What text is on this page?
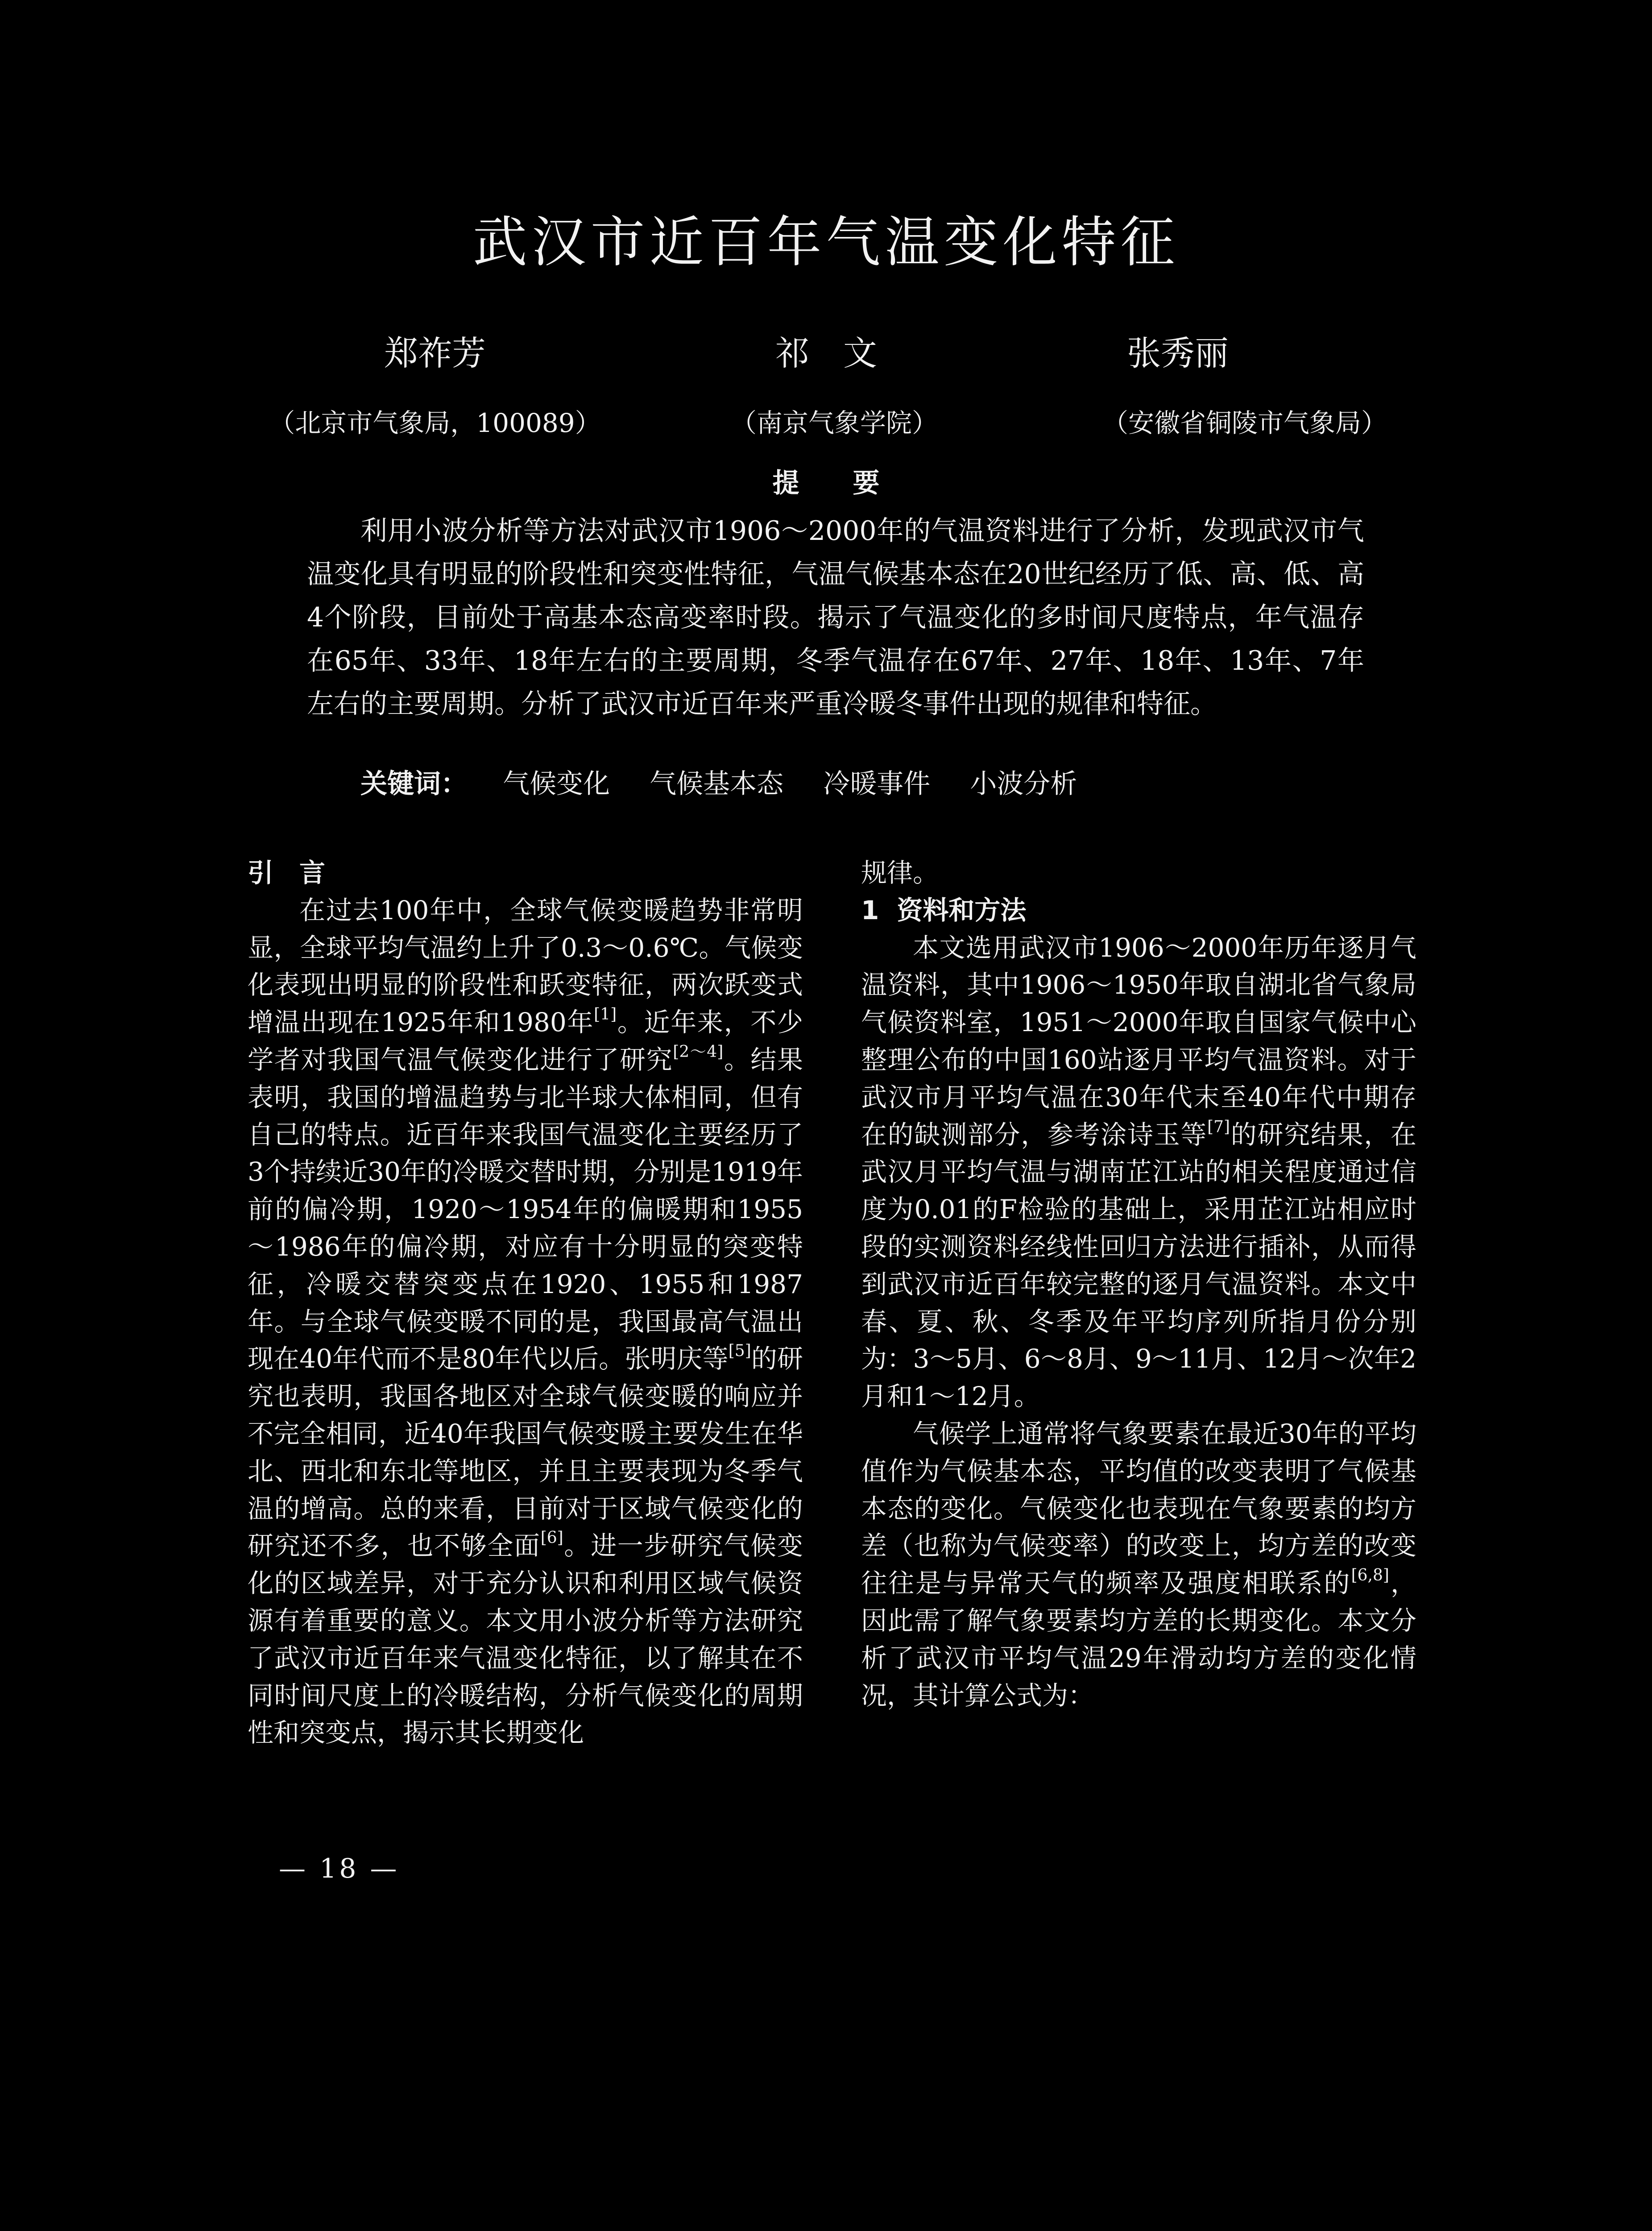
武汉市近百年气温变化特征
郑祚芳	祁　文	张秀丽
（北京市气象局，100089）	（南京气象学院）	（安徽省铜陵市气象局）
提要
利用小波分析等方法对武汉市1906～2000年的气温资料进行了分析，发现武汉市气温变化具有明显的阶段性和突变性特征，气温气候基本态在20世纪经历了低、高、低、高4个阶段，目前处于高基本态高变率时段。揭示了气温变化的多时间尺度特点，年气温存在65年、33年、18年左右的主要周期，冬季气温存在67年、27年、18年、13年、7年左右的主要周期。分析了武汉市近百年来严重冷暖冬事件出现的规律和特征。
关键词： 气候变化 气候基本态 冷暖事件 小波分析
引　言

在过去100年中，全球气候变暖趋势非常明显，全球平均气温约上升了0.3～0.6℃。气候变化表现出明显的阶段性和跃变特征，两次跃变式增温出现在1925年和1980年[1]。近年来，不少学者对我国气温气候变化进行了研究[2～4]。结果表明，我国的增温趋势与北半球大体相同，但有自己的特点。近百年来我国气温变化主要经历了3个持续近30年的冷暖交替时期，分别是1919年前的偏冷期，1920～1954年的偏暖期和1955～1986年的偏冷期，对应有十分明显的突变特征，冷暖交替突变点在1920、1955和1987年。与全球气候变暖不同的是，我国最高气温出现在40年代而不是80年代以后。张明庆等[5]的研究也表明，我国各地区对全球气候变暖的响应并不完全相同，近40年我国气候变暖主要发生在华北、西北和东北等地区，并且主要表现为冬季气温的增高。总的来看，目前对于区域气候变化的研究还不多，也不够全面[6]。进一步研究气候变化的区域差异，对于充分认识和利用区域气候资源有着重要的意义。本文用小波分析等方法研究了武汉市近百年来气温变化特征，以了解其在不同时间尺度上的冷暖结构，分析气候变化的周期性和突变点，揭示其长期变化

规律。

1 资料和方法

本文选用武汉市1906～2000年历年逐月气温资料，其中1906～1950年取自湖北省气象局气候资料室，1951～2000年取自国家气候中心整理公布的中国160站逐月平均气温资料。对于武汉市月平均气温在30年代末至40年代中期存在的缺测部分，参考涂诗玉等[7]的研究结果，在武汉月平均气温与湖南芷江站的相关程度通过信度为0.01的F检验的基础上，采用芷江站相应时段的实测资料经线性回归方法进行插补，从而得到武汉市近百年较完整的逐月气温资料。本文中春、夏、秋、冬季及年平均序列所指月份分别为：3～5月、6～8月、9～11月、12月～次年2月和1～12月。

气候学上通常将气象要素在最近30年的平均值作为气候基本态，平均值的改变表明了气候基本态的变化。气候变化也表现在气象要素的均方差（也称为气候变率）的改变上，均方差的改变往往是与异常天气的频率及强度相联系的[6,8]，因此需了解气象要素均方差的长期变化。本文分析了武汉市平均气温29年滑动均方差的变化情况，其计算公式为：

— 18 —
